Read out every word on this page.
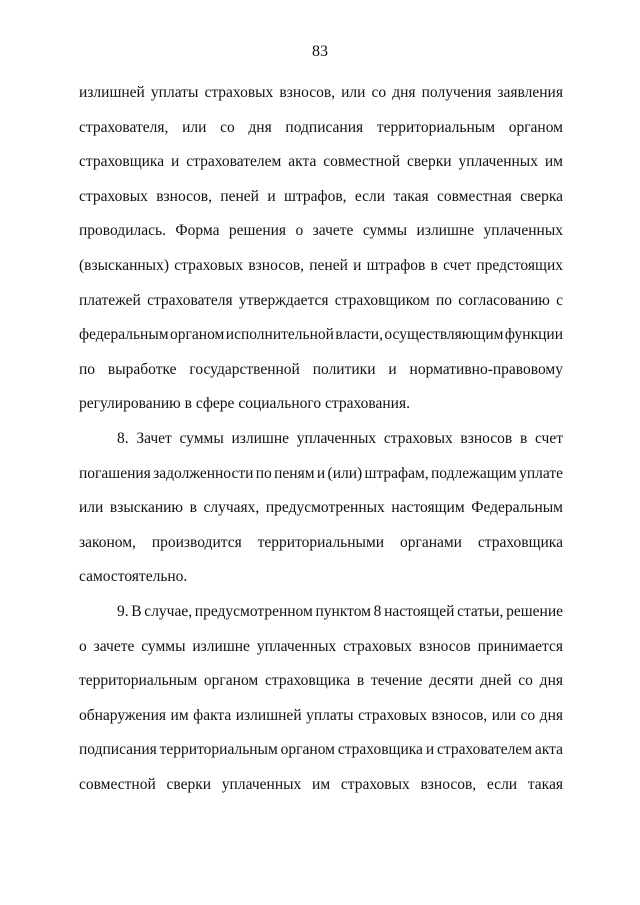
83
излишней уплаты страховых взносов, или со дня получения заявления
страхователя, или со дня подписания территориальным органом
страховщика и страхователем акта совместной сверки уплаченных им
страховых взносов, пеней и штрафов, если такая совместная сверка
проводилась. Форма решения о зачете суммы излишне уплаченных
(взысканных) страховых взносов, пеней и штрафов в счет предстоящих
платежей страхователя утверждается страховщиком по согласованию с
федеральным органом исполнительной власти, осуществляющим функции
по выработке государственной политики и нормативно-правовому
регулированию в сфере социального страхования.
8. Зачет суммы излишне уплаченных страховых взносов в счет
погашения задолженности по пеням и (или) штрафам, подлежащим уплате
или взысканию в случаях, предусмотренных настоящим Федеральным
законом, производится территориальными органами страховщика
самостоятельно.
9. В случае, предусмотренном пунктом 8 настоящей статьи, решение
о зачете суммы излишне уплаченных страховых взносов принимается
территориальным органом страховщика в течение десяти дней со дня
обнаружения им факта излишней уплаты страховых взносов, или со дня
подписания территориальным органом страховщика и страхователем акта
совместной сверки уплаченных им страховых взносов, если такая
